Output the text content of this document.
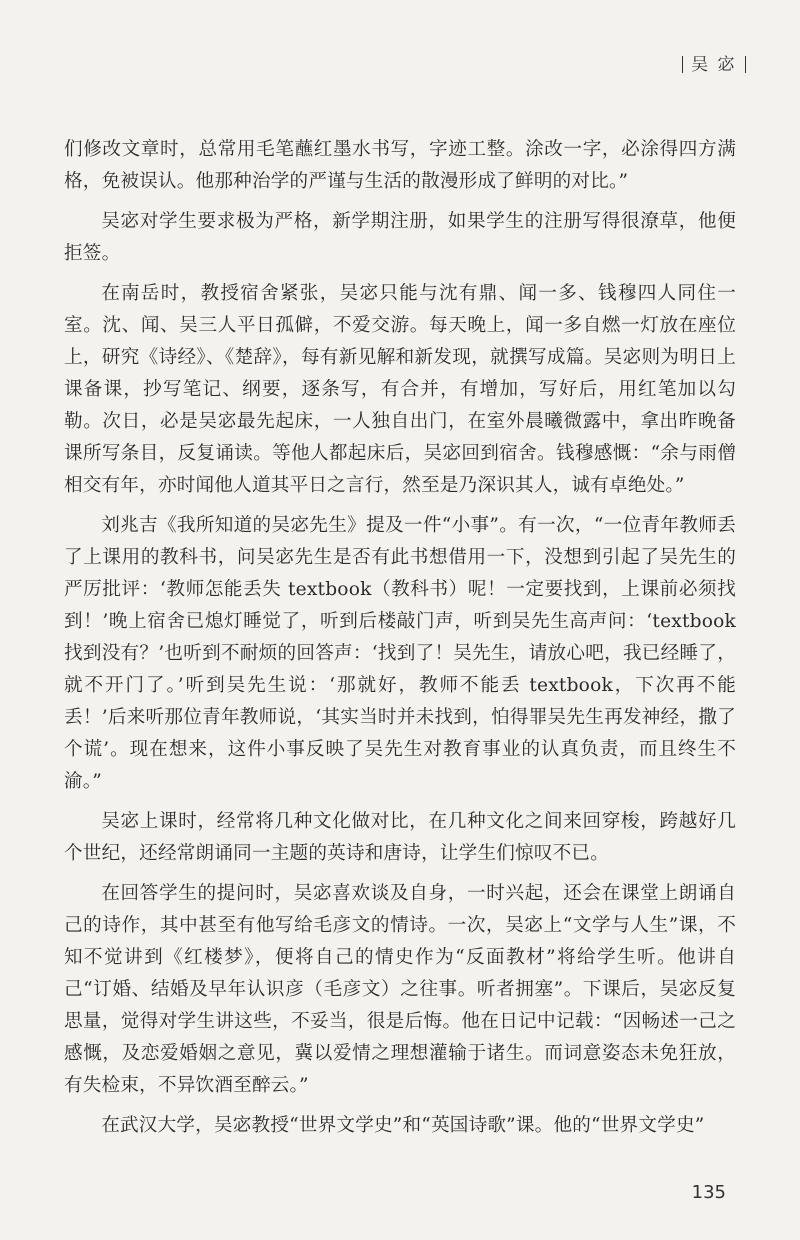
吴 宓

们修改文章时，总常用毛笔蘸红墨水书写，字迹工整。涂改一字，必涂得四方满格，免被误认。他那种治学的严谨与生活的散漫形成了鲜明的对比。”

吴宓对学生要求极为严格，新学期注册，如果学生的注册写得很潦草，他便拒签。

在南岳时，教授宿舍紧张，吴宓只能与沈有鼎、闻一多、钱穆四人同住一室。沈、闻、吴三人平日孤僻，不爱交游。每天晚上，闻一多自燃一灯放在座位上，研究《诗经》、《楚辞》，每有新见解和新发现，就撰写成篇。吴宓则为明日上课备课，抄写笔记、纲要，逐条写，有合并，有增加，写好后，用红笔加以勾勒。次日，必是吴宓最先起床，一人独自出门，在室外晨曦微露中，拿出昨晚备课所写条目，反复诵读。等他人都起床后，吴宓回到宿舍。钱穆感慨：“余与雨僧相交有年，亦时闻他人道其平日之言行，然至是乃深识其人，诚有卓绝处。”

刘兆吉《我所知道的吴宓先生》提及一件“小事”。有一次，“一位青年教师丢了上课用的教科书，问吴宓先生是否有此书想借用一下，没想到引起了吴先生的严厉批评：‘教师怎能丢失 textbook（教科书）呢！一定要找到，上课前必须找到！’晚上宿舍已熄灯睡觉了，听到后楼敲门声，听到吴先生高声问：‘textbook 找到没有？’也听到不耐烦的回答声：‘找到了！吴先生，请放心吧，我已经睡了，就不开门了。’听到吴先生说：‘那就好，教师不能丢 textbook，下次再不能丢！’后来听那位青年教师说，‘其实当时并未找到，怕得罪吴先生再发神经，撒了个谎’。现在想来，这件小事反映了吴先生对教育事业的认真负责，而且终生不渝。”

吴宓上课时，经常将几种文化做对比，在几种文化之间来回穿梭，跨越好几个世纪，还经常朗诵同一主题的英诗和唐诗，让学生们惊叹不已。

在回答学生的提问时，吴宓喜欢谈及自身，一时兴起，还会在课堂上朗诵自己的诗作，其中甚至有他写给毛彦文的情诗。一次，吴宓上“文学与人生”课，不知不觉讲到《红楼梦》，便将自己的情史作为“反面教材”将给学生听。他讲自己“订婚、结婚及早年认识彦（毛彦文）之往事。听者拥塞”。下课后，吴宓反复思量，觉得对学生讲这些，不妥当，很是后悔。他在日记中记载：“因畅述一己之感慨，及恋爱婚姻之意见，冀以爱情之理想灌输于诸生。而词意姿态未免狂放，有失检束，不异饮酒至醉云。”

在武汉大学，吴宓教授“世界文学史”和“英国诗歌”课。他的“世界文学史”

135
